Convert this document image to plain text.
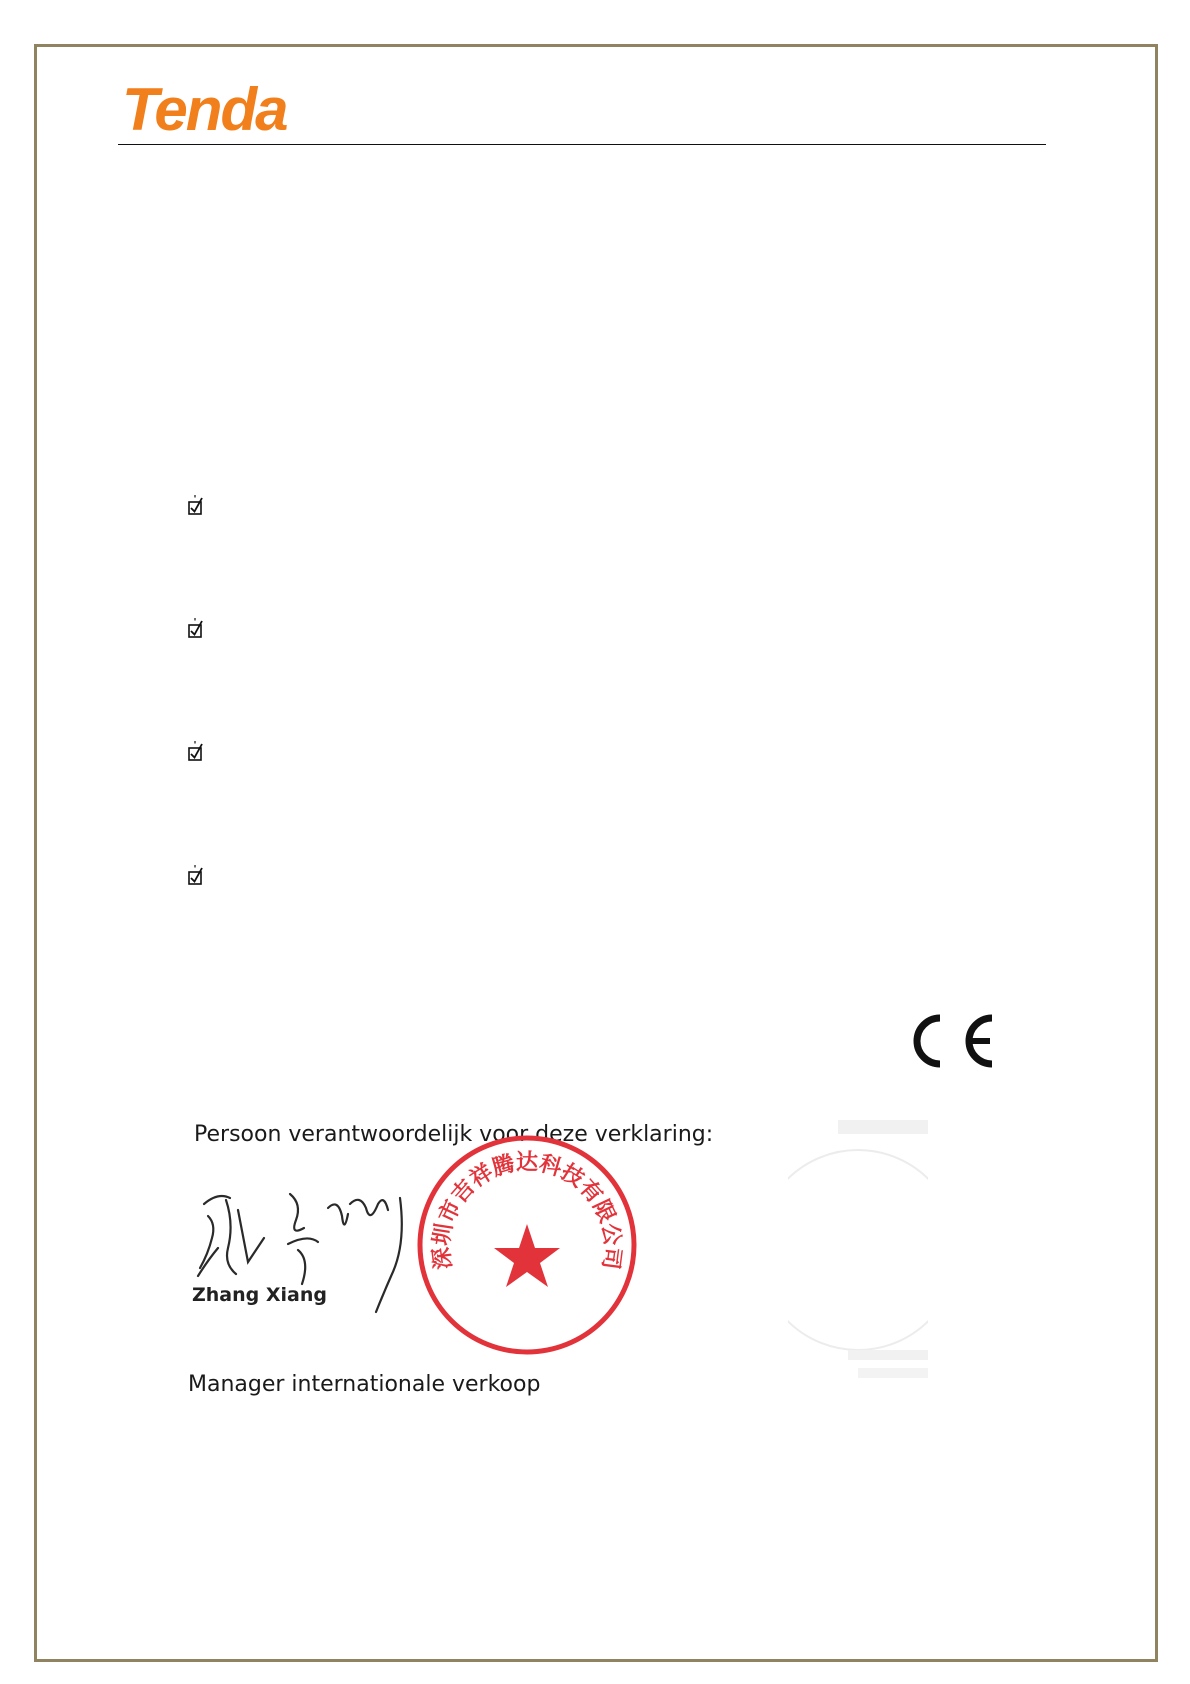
Tenda
Persoon verantwoordelijk voor deze verklaring:
Zhang Xiang
深圳市吉祥腾达科技有限公司
Manager internationale verkoop
